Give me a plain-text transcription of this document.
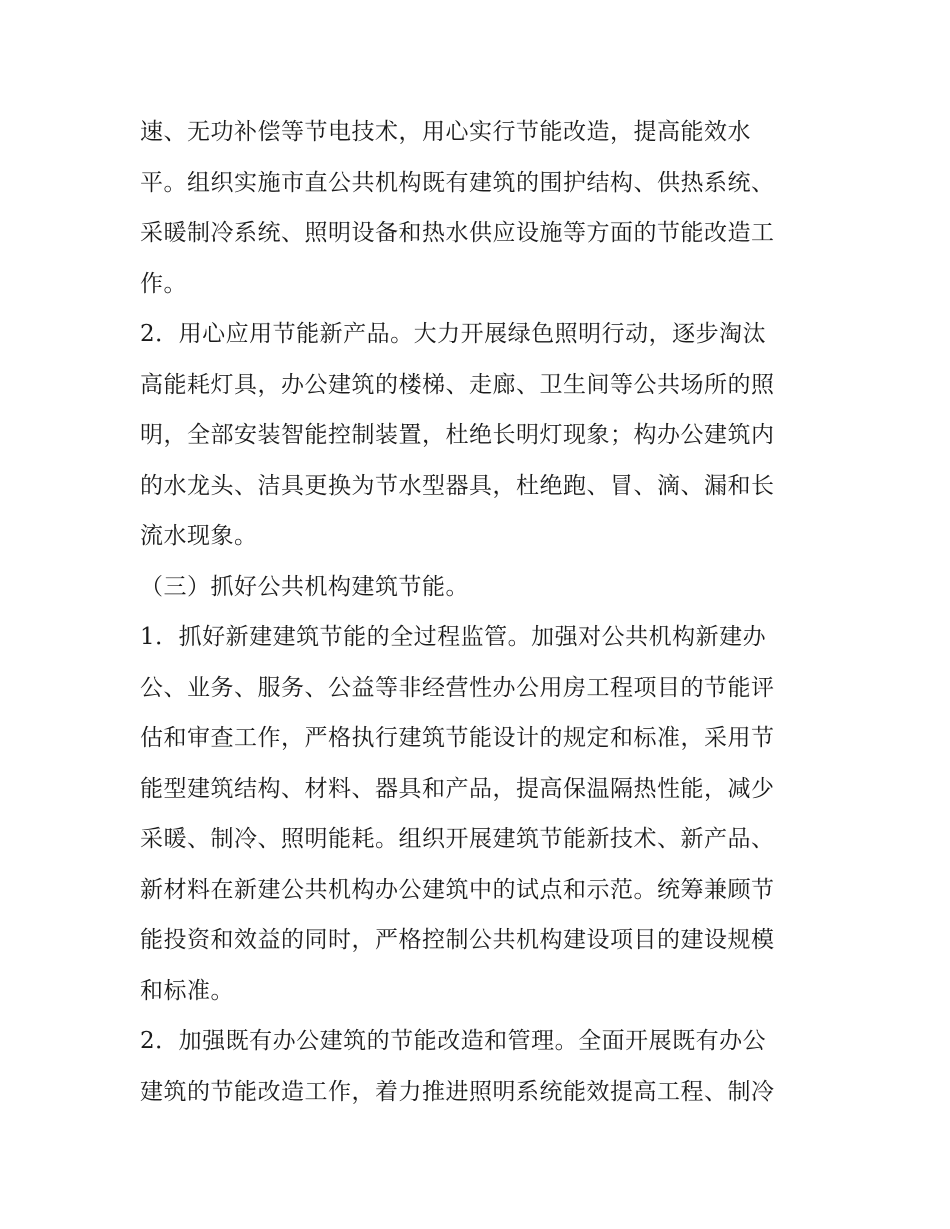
速、无功补偿等节电技术，用心实行节能改造，提高能效水
平。组织实施市直公共机构既有建筑的围护结构、供热系统、
采暖制冷系统、照明设备和热水供应设施等方面的节能改造工
作。
2．用心应用节能新产品。大力开展绿色照明行动，逐步淘汰
高能耗灯具，办公建筑的楼梯、走廊、卫生间等公共场所的照
明，全部安装智能控制装置，杜绝长明灯现象；构办公建筑内
的水龙头、洁具更换为节水型器具，杜绝跑、冒、滴、漏和长
流水现象。
（三）抓好公共机构建筑节能。
1．抓好新建建筑节能的全过程监管。加强对公共机构新建办
公、业务、服务、公益等非经营性办公用房工程项目的节能评
估和审查工作，严格执行建筑节能设计的规定和标准，采用节
能型建筑结构、材料、器具和产品，提高保温隔热性能，减少
采暖、制冷、照明能耗。组织开展建筑节能新技术、新产品、
新材料在新建公共机构办公建筑中的试点和示范。统筹兼顾节
能投资和效益的同时，严格控制公共机构建设项目的建设规模
和标准。
2．加强既有办公建筑的节能改造和管理。全面开展既有办公
建筑的节能改造工作，着力推进照明系统能效提高工程、制冷
